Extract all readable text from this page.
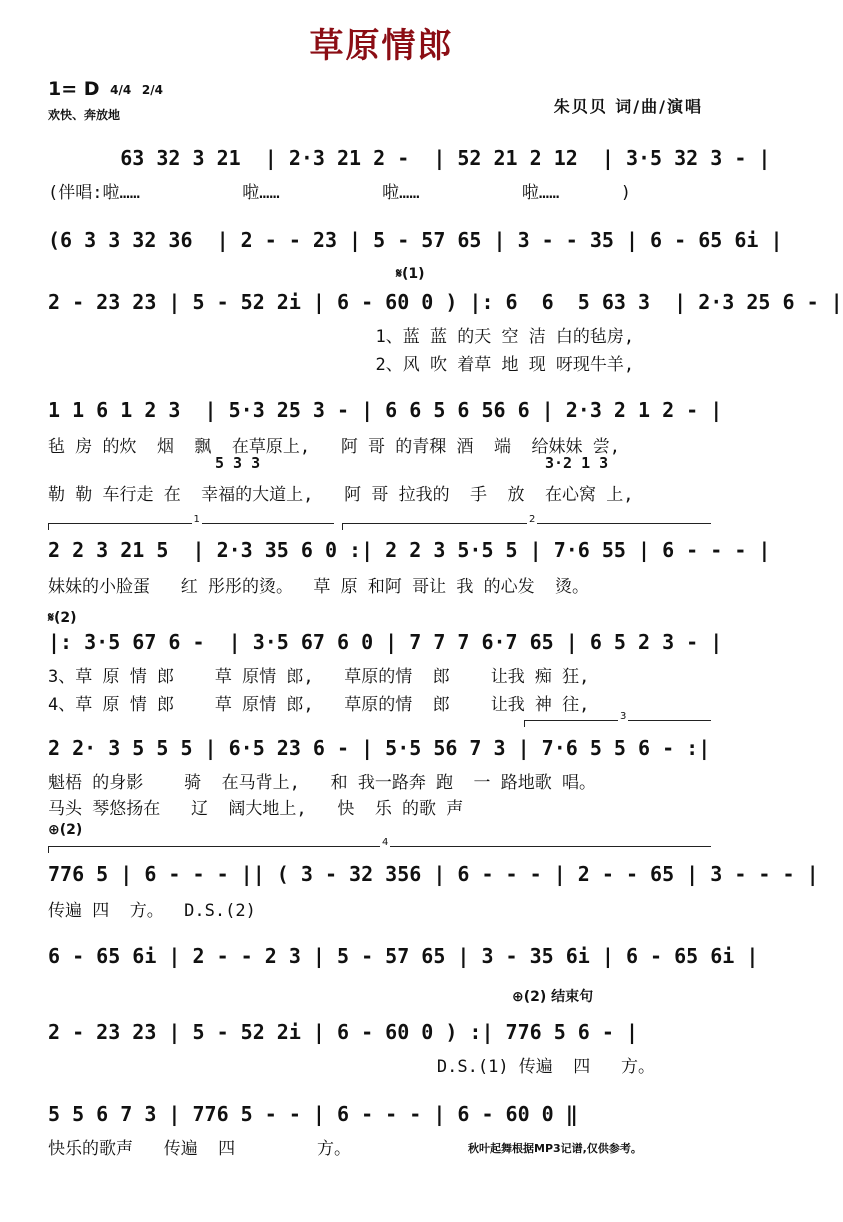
草原情郎
1= D 4/4 2/4
欢快、奔放地	朱贝贝 词/曲/演唱
63 32 3 21  | 2·3 21 2 -  | 52 21 2 12  | 3·5 32 3 - |
(伴唱:啦……          啦……          啦……          啦……      )
(6 3 3 32 36  | 2 - - 23 | 5 - 57 65 | 3 - - 35 | 6 - 65 6i |
𝄋(1)
2 - 23 23 | 5 - 52 2i | 6 - 60 0 ) |: 6  6  5 63 3  | 2·3 25 6 - |
1、蓝 蓝 的天 空 洁 白的毡房,
2、风 吹 着草 地 现 呀现牛羊,
1 1 6 1 2 3  | 5·3 25 3 - | 6 6 5 6 56 6 | 2·3 2 1 2 - |
毡 房 的炊  烟  飘  在草原上,   阿 哥 的青稞 酒  端  给妹妹 尝,
5 3 3	3·2 1 3
勒 勒 车行走 在  幸福的大道上,   阿 哥 拉我的  手  放  在心窝 上,
1	2
2 2 3 21 5  | 2·3 35 6 0 :| 2 2 3 5·5 5 | 7·6 55 | 6 - - - |
妹妹的小脸蛋   红 彤彤的烫。  草 原 和阿 哥让 我 的心发  烫。
𝄋(2)
|: 3·5 67 6 -  | 3·5 67 6 0 | 7 7 7 6·7 65 | 6 5 2 3 - |
3、草 原 情 郎    草 原情 郎,   草原的情  郎    让我 痴 狂,
4、草 原 情 郎    草 原情 郎,   草原的情  郎    让我 神 往,
3
2 2· 3 5 5 5 | 6·5 23 6 - | 5·5 56 7 3 | 7·6 5 5 6 - :|
魁梧 的身影    骑  在马背上,   和 我一路奔 跑  一 路地歌 唱。
马头 琴悠扬在   辽  阔大地上,   快  乐 的歌 声
⊕(2)
4
776 5 | 6 - - - || ( 3 - 32 356 | 6 - - - | 2 - - 65 | 3 - - - |
传遍 四  方。  D.S.(2)
6 - 65 6i | 2 - - 2 3 | 5 - 57 65 | 3 - 35 6i | 6 - 65 6i |
⊕(2) 结束句
2 - 23 23 | 5 - 52 2i | 6 - 60 0 ) :| 776 5 6 - |
D.S.(1) 传遍  四   方。
5 5 6 7 3 | 776 5 - - | 6 - - - | 6 - 60 0 ‖
快乐的歌声   传遍  四        方。	秋叶起舞根据MP3记谱,仅供参考。
